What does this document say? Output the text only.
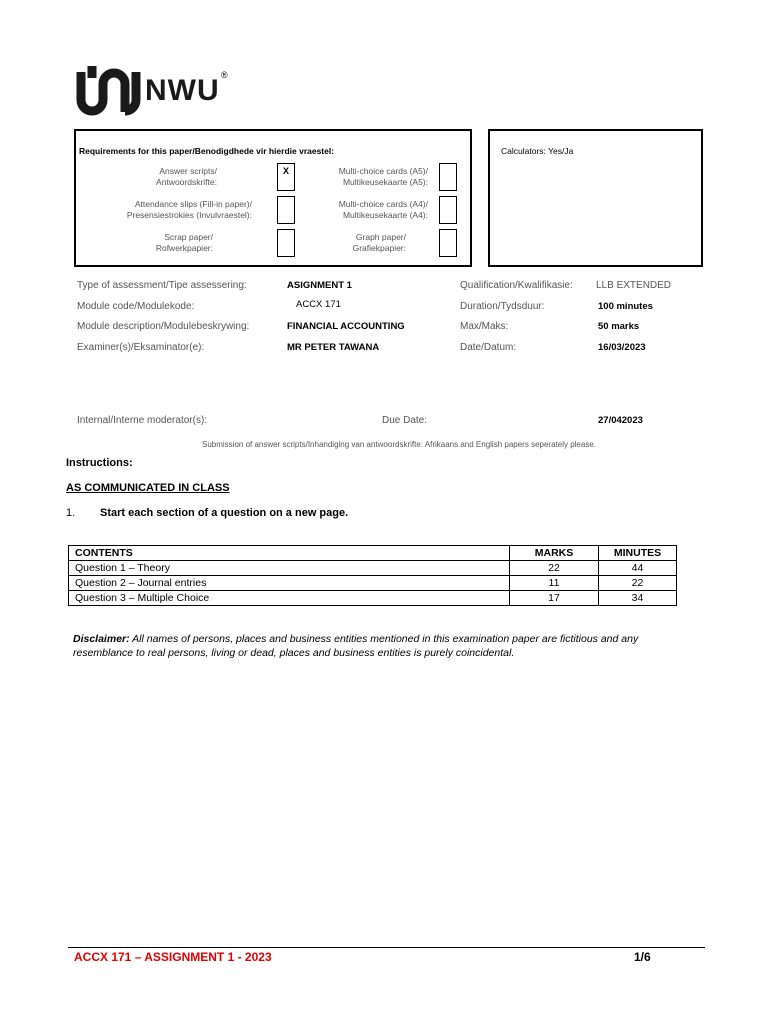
NWU ®
Requirements for this paper/Benodigdhede vir hierdie vraestel:
Answer scripts/
Antwoordskrifte:
X
Attendance slips (Fill-in paper)/
Presensiestrokies (Invulvraestel):
Scrap paper/
Rofwerkpapier:
Multi-choice cards (A5)/
Multikeusekaarte (A5):
Multi-choice cards (A4)/
Multikeusekaarte (A4):
Graph paper/
Grafiekpapier:
Calculators: Yes/Ja
Type of assessment/Tipe assessering:	ASIGNMENT 1
Module code/Modulekode:	ACCX 171
Module description/Modulebeskrywing:	FINANCIAL ACCOUNTING
Examiner(s)/Eksaminator(e):	MR PETER TAWANA
Qualification/Kwalifikasie: LLB EXTENDED
Duration/Tydsduur:	100 minutes
Max/Maks:	50 marks
Date/Datum:	16/03/2023
Internal/Interne moderator(s):	Due Date:	27/042023
Submission of answer scripts/Inhandiging van antwoordskrifte: Afrikaans and English papers seperately please.
Instructions:
AS COMMUNICATED IN CLASS
1. Start each section of a question on a new page.
CONTENTS	MARKS	MINUTES
Question 1 – Theory	22	44
Question 2 – Journal entries	11	22
Question 3 – Multiple Choice	17	34
Disclaimer: All names of persons, places and business entities mentioned in this examination paper are fictitious and any resemblance to real persons, living or dead, places and business entities is purely coincidental.
ACCX 171 – ASSIGNMENT 1 - 2023	1/6
